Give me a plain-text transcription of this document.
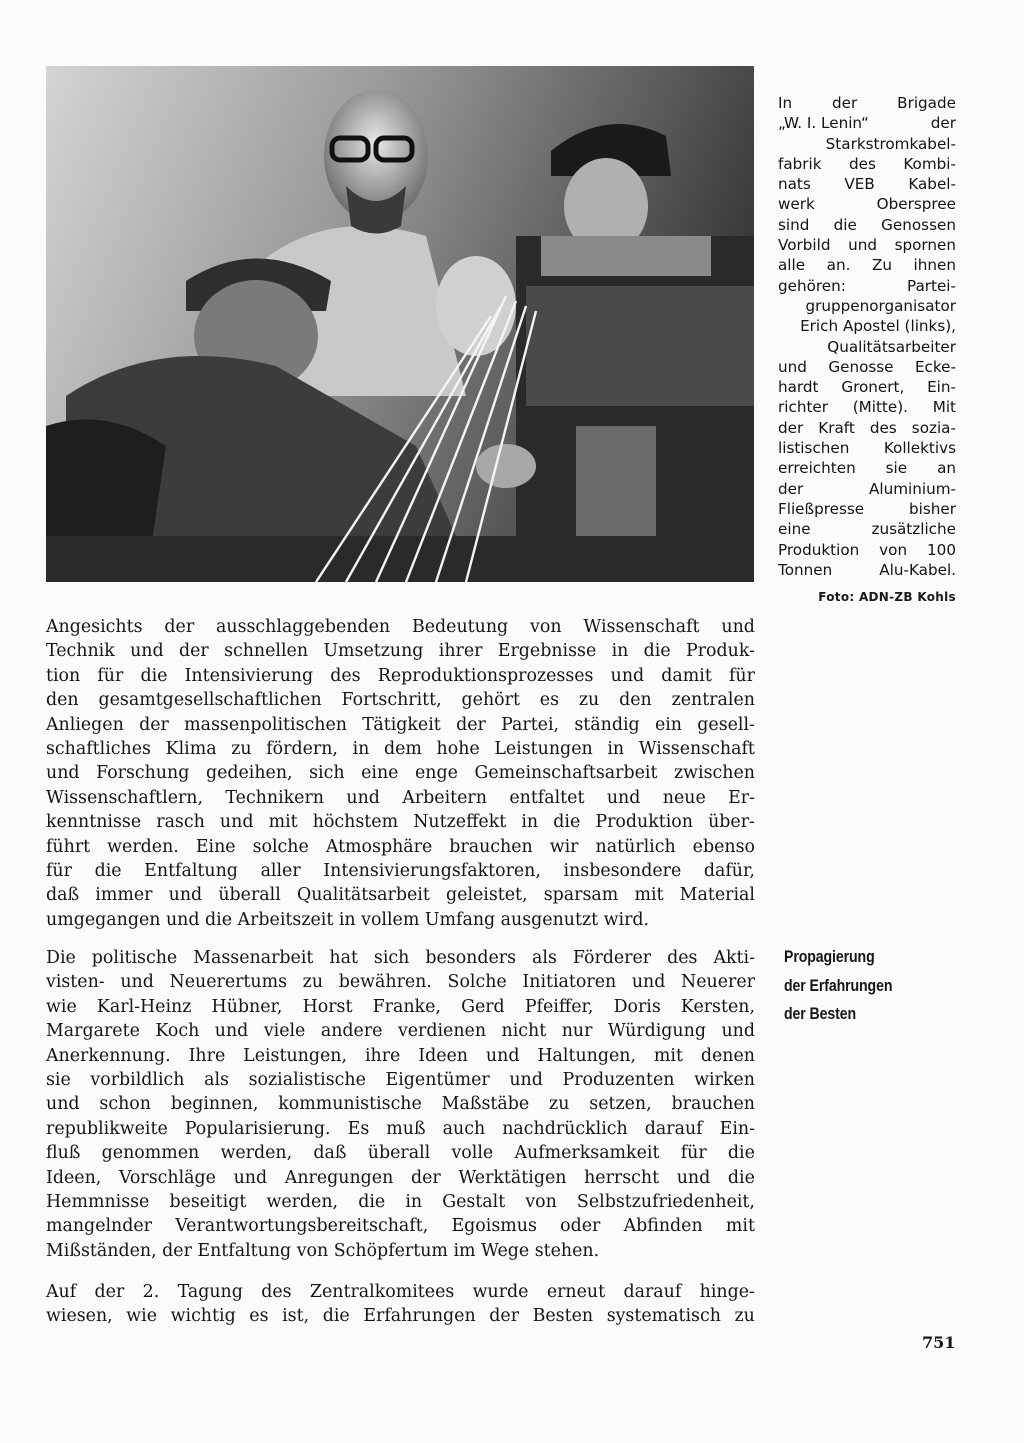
In	der	Brigade
„W. I. Lenin“	der
Starkstromkabel-
fabrik des Kombi-
nats VEB Kabel-
werk	Oberspree
sind die Genossen
Vorbild und spornen
alle an. Zu ihnen
gehören:	Partei-
gruppenorganisator
Erich
Apostel
(links),
Qualitätsarbeiter
und Genosse Ecke-
hardt Gronert, Ein-
richter (Mitte). Mit
der Kraft des sozia-
listischen Kollektivs
erreichten sie an
der	Aluminium-
Fließpresse	bisher
eine	zusätzliche
Produktion von 100
Tonnen	Alu-Kabel.
Foto: ADN-ZB Kohls
Angesichts der ausschlaggebenden Bedeutung von Wissenschaft und
Technik und der schnellen Umsetzung ihrer Ergebnisse in die Produk-
tion für die Intensivierung des Reproduktionsprozesses und damit für
den gesamtgesellschaftlichen Fortschritt, gehört es zu den zentralen
Anliegen der massenpolitischen Tätigkeit der Partei, ständig ein gesell-
schaftliches Klima zu fördern, in dem hohe Leistungen in Wissenschaft
und Forschung gedeihen, sich eine enge Gemeinschaftsarbeit zwischen
Wissenschaftlern, Technikern und Arbeitern entfaltet und neue Er-
kenntnisse rasch und mit höchstem Nutzeffekt in die Produktion über-
führt werden. Eine solche Atmosphäre brauchen wir natürlich ebenso
für die Entfaltung aller Intensivierungsfaktoren, insbesondere dafür,
daß immer und überall Qualitätsarbeit geleistet, sparsam mit Material
umgegangen und die Arbeitszeit in vollem Umfang ausgenutzt wird.
Die politische Massenarbeit hat sich besonders als Förderer des Akti-
visten- und Neuerertums zu bewähren. Solche Initiatoren und Neuerer
wie Karl-Heinz Hübner, Horst Franke, Gerd Pfeiffer, Doris Kersten,
Margarete Koch und viele andere verdienen nicht nur Würdigung und
Anerkennung. Ihre Leistungen, ihre Ideen und Haltungen, mit denen
sie vorbildlich als sozialistische Eigentümer und Produzenten wirken
und schon beginnen, kommunistische Maßstäbe zu setzen, brauchen
republikweite Popularisierung. Es muß auch nachdrücklich darauf Ein-
fluß genommen werden, daß überall volle Aufmerksamkeit für die
Ideen, Vorschläge und Anregungen der Werktätigen herrscht und die
Hemmnisse beseitigt werden, die in Gestalt von Selbstzufriedenheit,
mangelnder Verantwortungsbereitschaft, Egoismus oder Abfinden mit
Mißständen, der Entfaltung von Schöpfertum im Wege stehen.
Auf der 2. Tagung des Zentralkomitees wurde erneut darauf hinge-
wiesen, wie wichtig es ist, die Erfahrungen der Besten systematisch zu
Propagierung
der Erfahrungen
der Besten
751
